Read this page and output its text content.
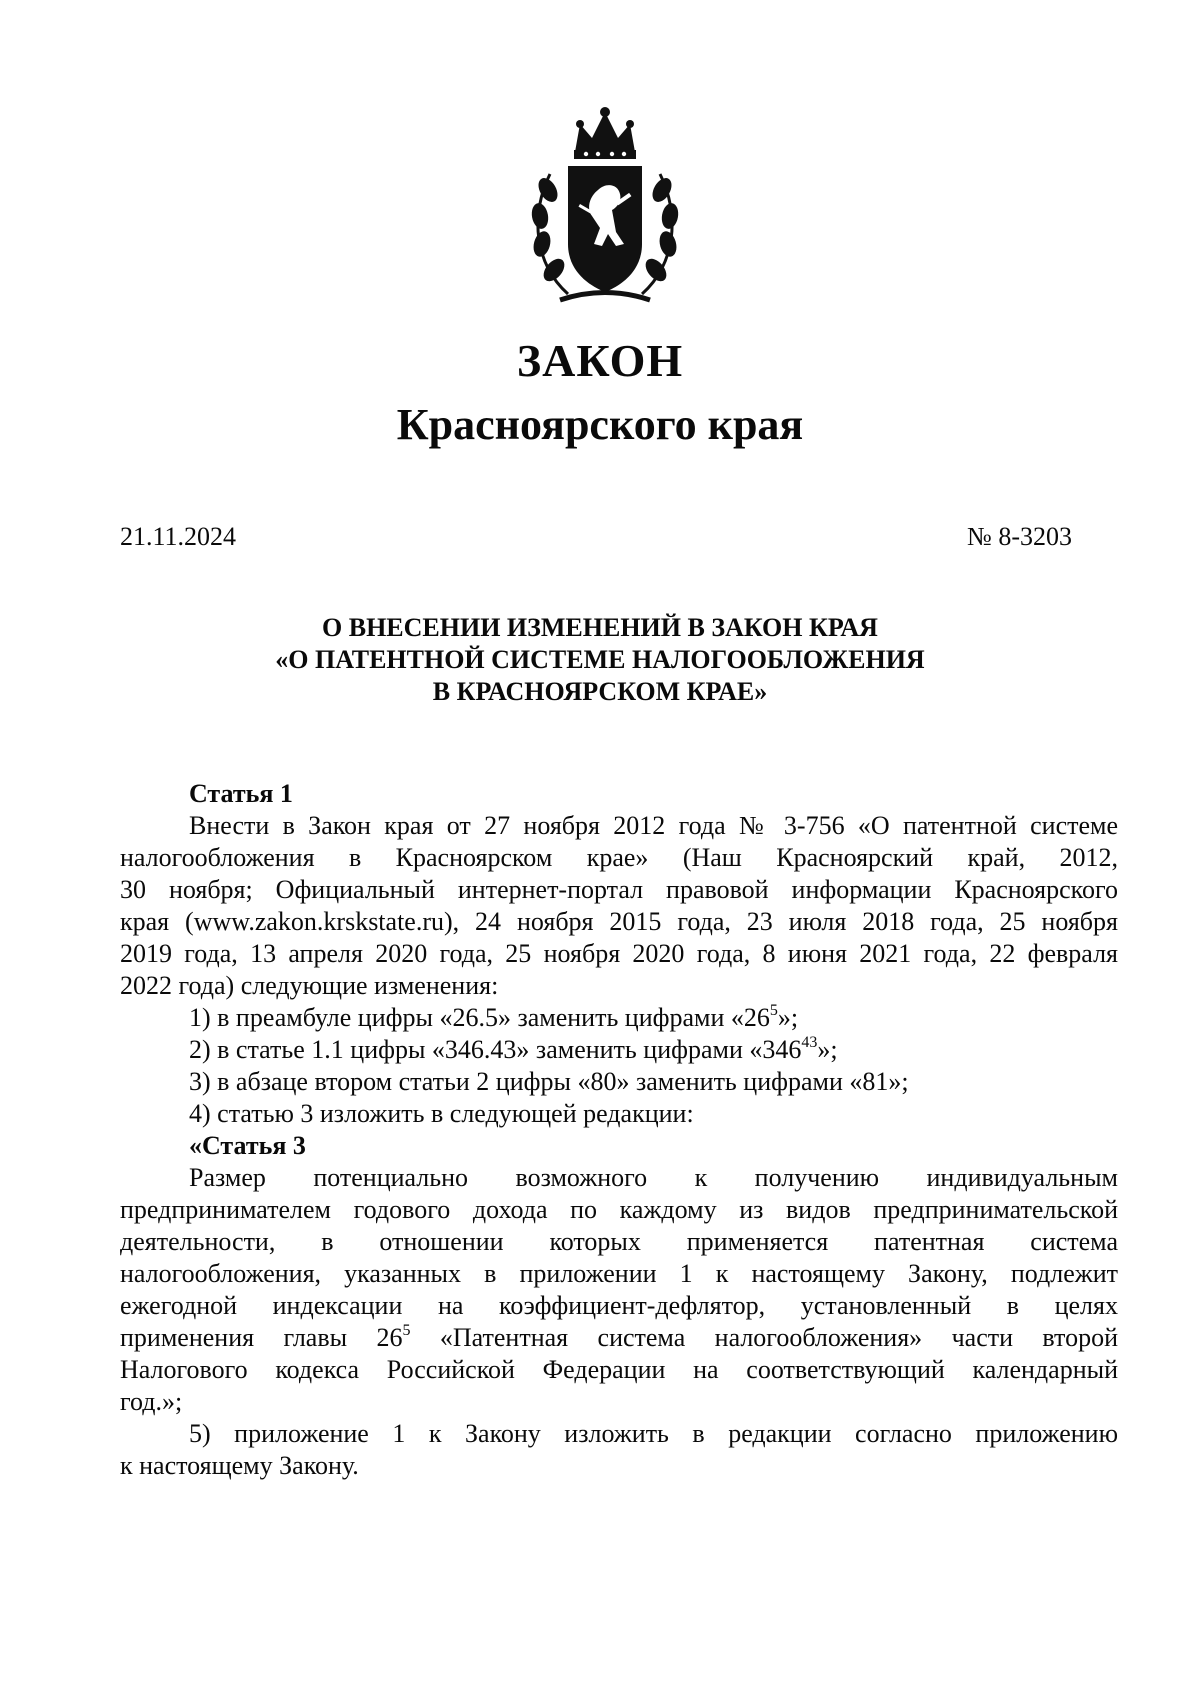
ЗАКОН
Красноярского края
21.11.2024	№ 8-3203
О ВНЕСЕНИИ ИЗМЕНЕНИЙ В ЗАКОН КРАЯ
«О ПАТЕНТНОЙ СИСТЕМЕ НАЛОГООБЛОЖЕНИЯ
В КРАСНОЯРСКОМ КРАЕ»
Статья 1
Внести в Закон края от 27 ноября 2012 года № 3-756 «О патентной системе
налогообложения в Красноярском крае» (Наш Красноярский край, 2012,
30 ноября; Официальный интернет-портал правовой информации Красноярского
края (www.zakon.krskstate.ru), 24 ноября 2015 года, 23 июля 2018 года, 25 ноября
2019 года, 13 апреля 2020 года, 25 ноября 2020 года, 8 июня 2021 года, 22 февраля
2022 года) следующие изменения:
1) в преамбуле цифры «26.5» заменить цифрами «$26^5$»;
2) в статье 1.1 цифры «346.43» заменить цифрами «$346^{43}$»;
3) в абзаце втором статьи 2 цифры «80» заменить цифрами «81»;
4) статью 3 изложить в следующей редакции:
«Статья 3
Размер потенциально возможного к получению индивидуальным
предпринимателем годового дохода по каждому из видов предпринимательской
деятельности, в отношении которых применяется патентная система
налогообложения, указанных в приложении 1 к настоящему Закону, подлежит
ежегодной индексации на коэффициент-дефлятор, установленный в целях
применения главы $26^5$ «Патентная система налогообложения» части второй
Налогового кодекса Российской Федерации на соответствующий календарный
год.»;
5) приложение 1 к Закону изложить в редакции согласно приложению
к настоящему Закону.
